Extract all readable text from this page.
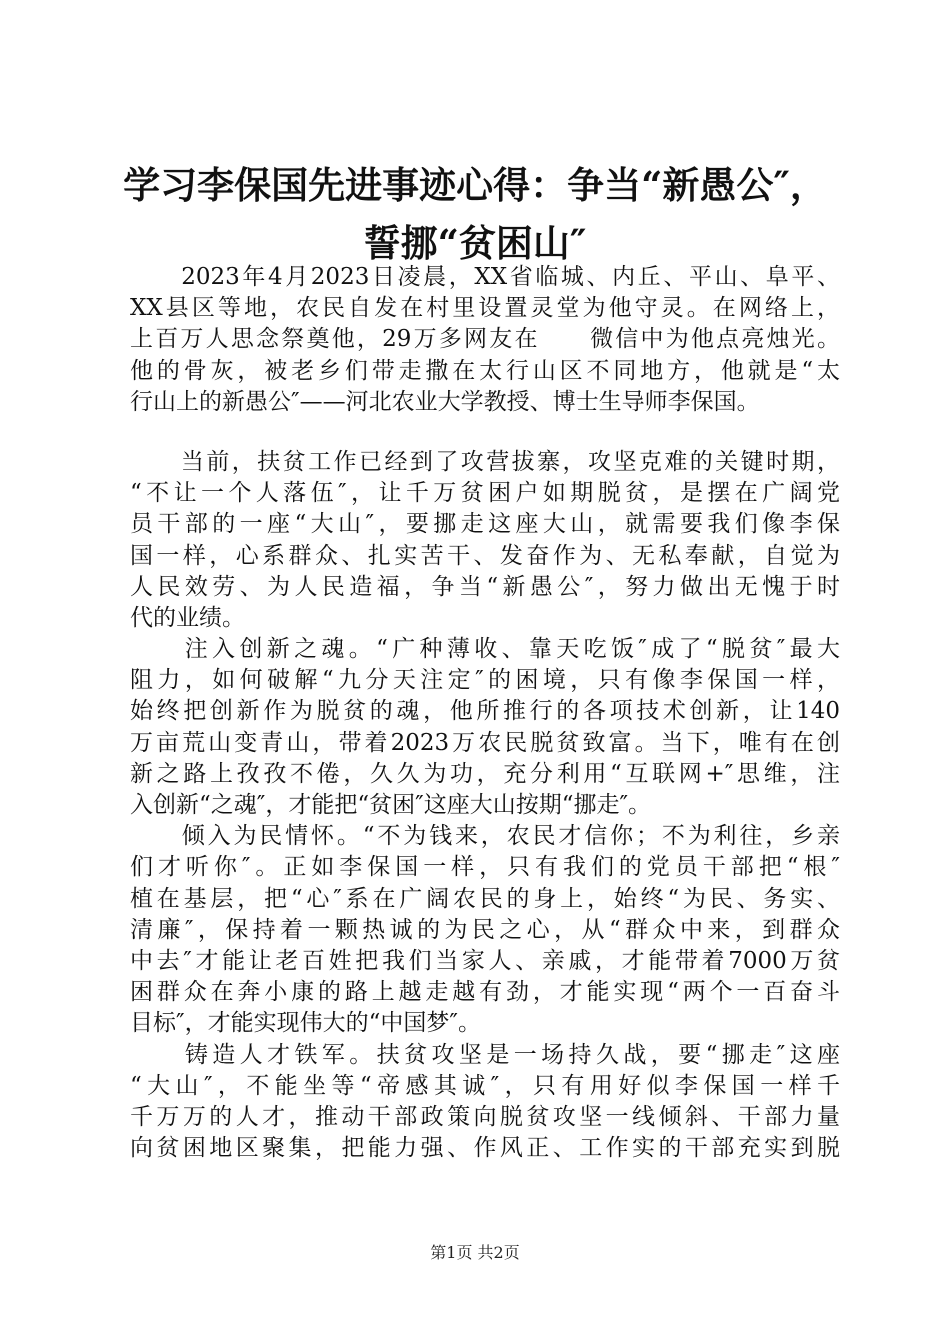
学习李保国先进事迹心得：争当“新愚公″，
誓挪“贫困山″
　　2023年4月2023日凌晨，XX省临城、内丘、平山、阜平、
XX县区等地，农民自发在村里设置灵堂为他守灵。在网络上，
上百万人思念祭奠他，29万多网友在　　微信中为他点亮烛光。
他的骨灰，被老乡们带走撒在太行山区不同地方，他就是“太
行山上的新愚公″——河北农业大学教授、博士生导师李保国。
　　当前，扶贫工作已经到了攻营拔寨，攻坚克难的关键时期，
“不让一个人落伍″，让千万贫困户如期脱贫，是摆在广阔党
员干部的一座“大山″，要挪走这座大山，就需要我们像李保
国一样，心系群众、扎实苦干、发奋作为、无私奉献，自觉为
人民效劳、为人民造福，争当“新愚公″，努力做出无愧于时
代的业绩。
　　注入创新之魂。“广种薄收、靠天吃饭″成了“脱贫″最大
阻力，如何破解“九分天注定″的困境，只有像李保国一样，
始终把创新作为脱贫的魂，他所推行的各项技术创新，让140
万亩荒山变青山，带着2023万农民脱贫致富。当下，唯有在创
新之路上孜孜不倦，久久为功，充分利用“互联网+″思维，注
入创新“之魂″，才能把“贫困″这座大山按期“挪走″。
　　倾入为民情怀。“不为钱来，农民才信你；不为利往，乡亲
们才听你″。正如李保国一样，只有我们的党员干部把“根″
植在基层，把“心″系在广阔农民的身上，始终“为民、务实、
清廉″，保持着一颗热诚的为民之心，从“群众中来，到群众
中去″才能让老百姓把我们当家人、亲戚，才能带着7000万贫
困群众在奔小康的路上越走越有劲，才能实现“两个一百奋斗
目标″，才能实现伟大的“中国梦″。
　　铸造人才铁军。扶贫攻坚是一场持久战，要“挪走″这座
“大山″，不能坐等“帝感其诚″，只有用好似李保国一样千
千万万的人才，推动干部政策向脱贫攻坚一线倾斜、干部力量
向贫困地区聚集，把能力强、作风正、工作实的干部充实到脱
第1页 共2页
